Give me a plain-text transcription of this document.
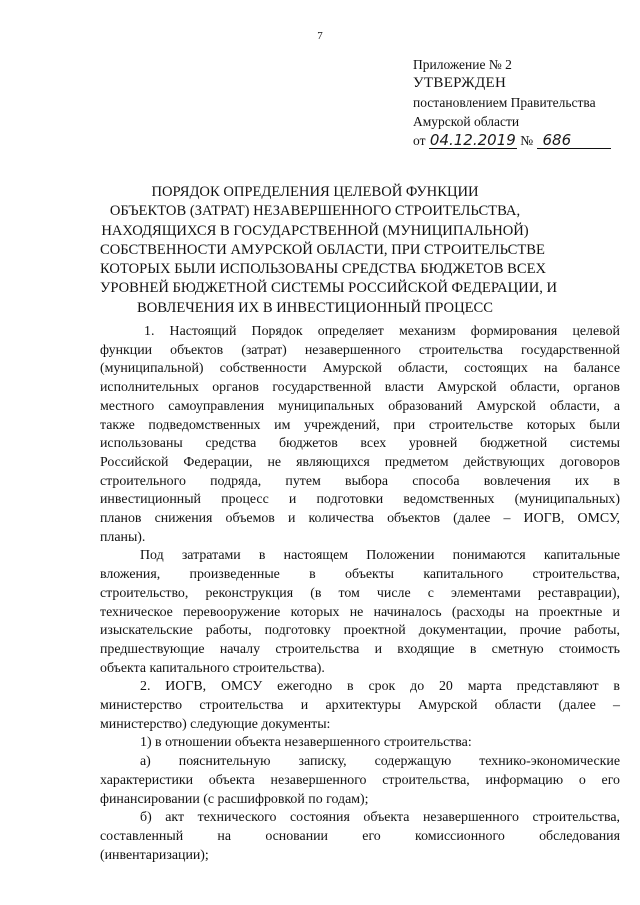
7
Приложение № 2
УТВЕРЖДЕН
постановлением Правительства
Амурской области
от 04.12.2019 № 686
ПОРЯДОК ОПРЕДЕЛЕНИЯ ЦЕЛЕВОЙ ФУНКЦИИ
ОБЪЕКТОВ (ЗАТРАТ) НЕЗАВЕРШЕННОГО СТРОИТЕЛЬСТВА,
НАХОДЯЩИХСЯ В ГОСУДАРСТВЕННОЙ (МУНИЦИПАЛЬНОЙ)
СОБСТВЕННОСТИ АМУРСКОЙ ОБЛАСТИ, ПРИ СТРОИТЕЛЬСТВЕ
КОТОРЫХ БЫЛИ ИСПОЛЬЗОВАНЫ СРЕДСТВА БЮДЖЕТОВ ВСЕХ
УРОВНЕЙ БЮДЖЕТНОЙ СИСТЕМЫ РОССИЙСКОЙ ФЕДЕРАЦИИ, И
ВОВЛЕЧЕНИЯ ИХ В ИНВЕСТИЦИОННЫЙ ПРОЦЕСС

1. Настоящий Порядок определяет механизм формирования целевой

функции объектов (затрат) незавершенного строительства государственной

(муниципальной) собственности Амурской области, состоящих на балансе

исполнительных органов государственной власти Амурской области, органов

местного самоуправления муниципальных образований Амурской области, а

также подведомственных им учреждений, при строительстве которых были

использованы средства бюджетов всех уровней бюджетной системы

Российской Федерации, не являющихся предметом действующих договоров

строительного подряда, путем выбора способа вовлечения их в

инвестиционный процесс и подготовки ведомственных (муниципальных)

планов снижения объемов и количества объектов (далее – ИОГВ, ОМСУ,

планы).

Под затратами в настоящем Положении понимаются капитальные

вложения, произведенные в объекты капитального строительства,

строительство, реконструкция (в том числе с элементами реставрации),

техническое перевооружение которых не начиналось (расходы на проектные и

изыскательские работы, подготовку проектной документации, прочие работы,

предшествующие началу строительства и входящие в сметную стоимость

объекта капитального строительства).

2. ИОГВ, ОМСУ ежегодно в срок до 20 марта представляют в

министерство строительства и архитектуры Амурской области (далее –

министерство) следующие документы:

1) в отношении объекта незавершенного строительства:

а) пояснительную записку, содержащую технико-экономические

характеристики объекта незавершенного строительства, информацию о его

финансировании (с расшифровкой по годам);

б) акт технического состояния объекта незавершенного строительства,

составленный на основании его комиссионного обследования

(инвентаризации);
